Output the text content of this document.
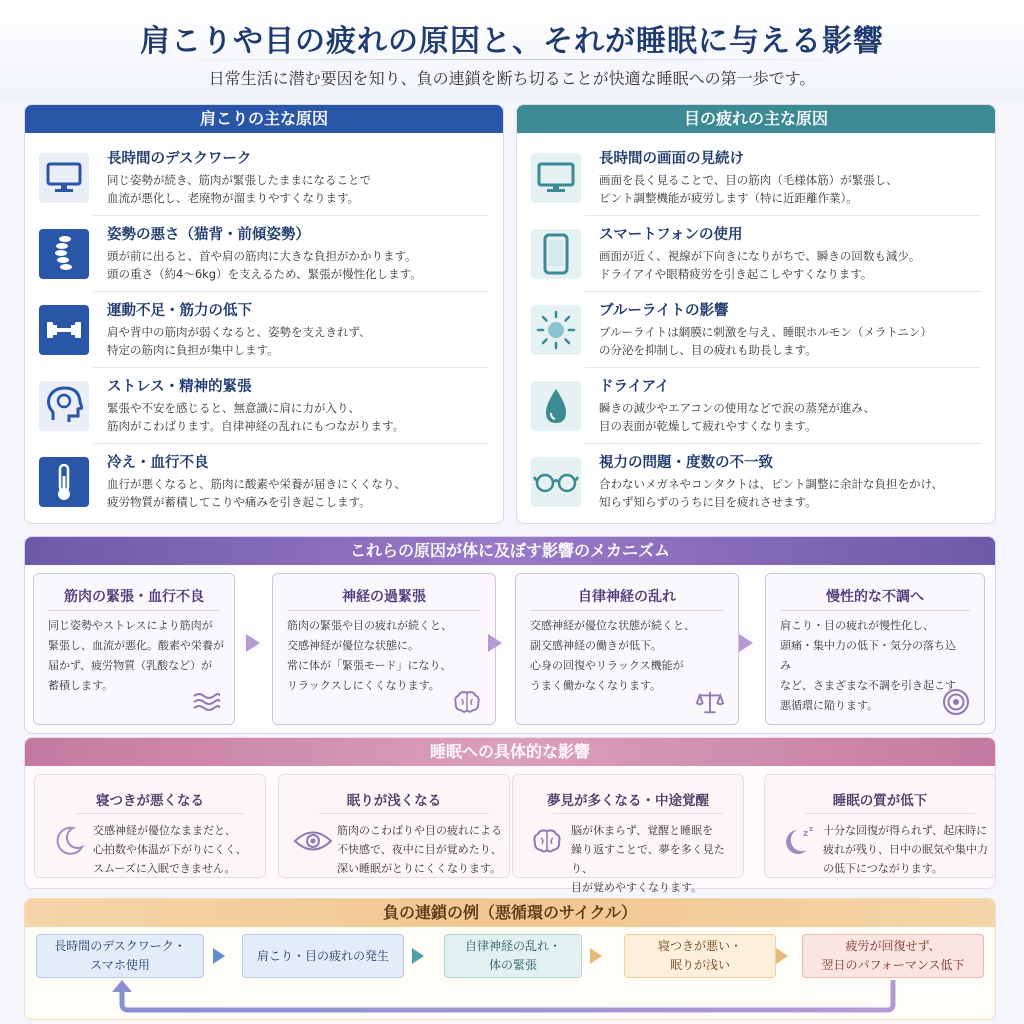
肩こりや目の疲れの原因と、それが睡眠に与える影響

日常生活に潜む要因を知り、負の連鎖を断ち切ることが快適な睡眠への第一歩です。

肩こりの主な原因
長時間のデスクワーク
同じ姿勢が続き、筋肉が緊張したままになることで
血流が悪化し、老廃物が溜まりやすくなります。
姿勢の悪さ（猫背・前傾姿勢）
頭が前に出ると、首や肩の筋肉に大きな負担がかかります。
頭の重さ（約4～6kg）を支えるため、緊張が慢性化します。
運動不足・筋力の低下
肩や背中の筋肉が弱くなると、姿勢を支えきれず、
特定の筋肉に負担が集中します。
ストレス・精神的緊張
緊張や不安を感じると、無意識に肩に力が入り、
筋肉がこわばります。自律神経の乱れにもつながります。
冷え・血行不良
血行が悪くなると、筋肉に酸素や栄養が届きにくくなり、
疲労物質が蓄積してこりや痛みを引き起こします。
目の疲れの主な原因
長時間の画面の見続け
画面を長く見ることで、目の筋肉（毛様体筋）が緊張し、
ピント調整機能が疲労します（特に近距離作業）。
スマートフォンの使用
画面が近く、視線が下向きになりがちで、瞬きの回数も減少。
ドライアイや眼精疲労を引き起こしやすくなります。
ブルーライトの影響
ブルーライトは網膜に刺激を与え、睡眠ホルモン（メラトニン）
の分泌を抑制し、目の疲れも助長します。
ドライアイ
瞬きの減少やエアコンの使用などで涙の蒸発が進み、
目の表面が乾燥して疲れやすくなります。
視力の問題・度数の不一致
合わないメガネやコンタクトは、ピント調整に余計な負担をかけ、
知らず知らずのうちに目を疲れさせます。
これらの原因が体に及ぼす影響のメカニズム
筋肉の緊張・血行不良
同じ姿勢やストレスにより筋肉が
緊張し、血流が悪化。酸素や栄養が
届かず、疲労物質（乳酸など）が
蓄積します。
神経の過緊張
筋肉の緊張や目の疲れが続くと、
交感神経が優位な状態に。
常に体が「緊張モード」になり、
リラックスしにくくなります。
自律神経の乱れ
交感神経が優位な状態が続くと、
副交感神経の働きが低下。
心身の回復やリラックス機能が
うまく働かなくなります。
慢性的な不調へ
肩こり・目の疲れが慢性化し、
頭痛・集中力の低下・気分の落ち込み
など、さまざまな不調を引き起こす
悪循環に陥ります。
睡眠への具体的な影響
寝つきが悪くなる
交感神経が優位なままだと、
心拍数や体温が下がりにくく、
スムーズに入眠できません。
眠りが浅くなる
筋肉のこわばりや目の疲れによる
不快感で、夜中に目が覚めたり、
深い睡眠がとりにくくなります。
夢見が多くなる・中途覚醒
脳が休まらず、覚醒と睡眠を
繰り返すことで、夢を多く見たり、
目が覚めやすくなります。
睡眠の質が低下
z z 十分な回復が得られず、起床時に
疲れが残り、日中の眠気や集中力
の低下につながります。
負の連鎖の例（悪循環のサイクル）
長時間のデスクワーク・
スマホ使用
肩こり・目の疲れの発生
自律神経の乱れ・
体の緊張
寝つきが悪い・
眠りが浅い
疲労が回復せず、
翌日のパフォーマンス低下
